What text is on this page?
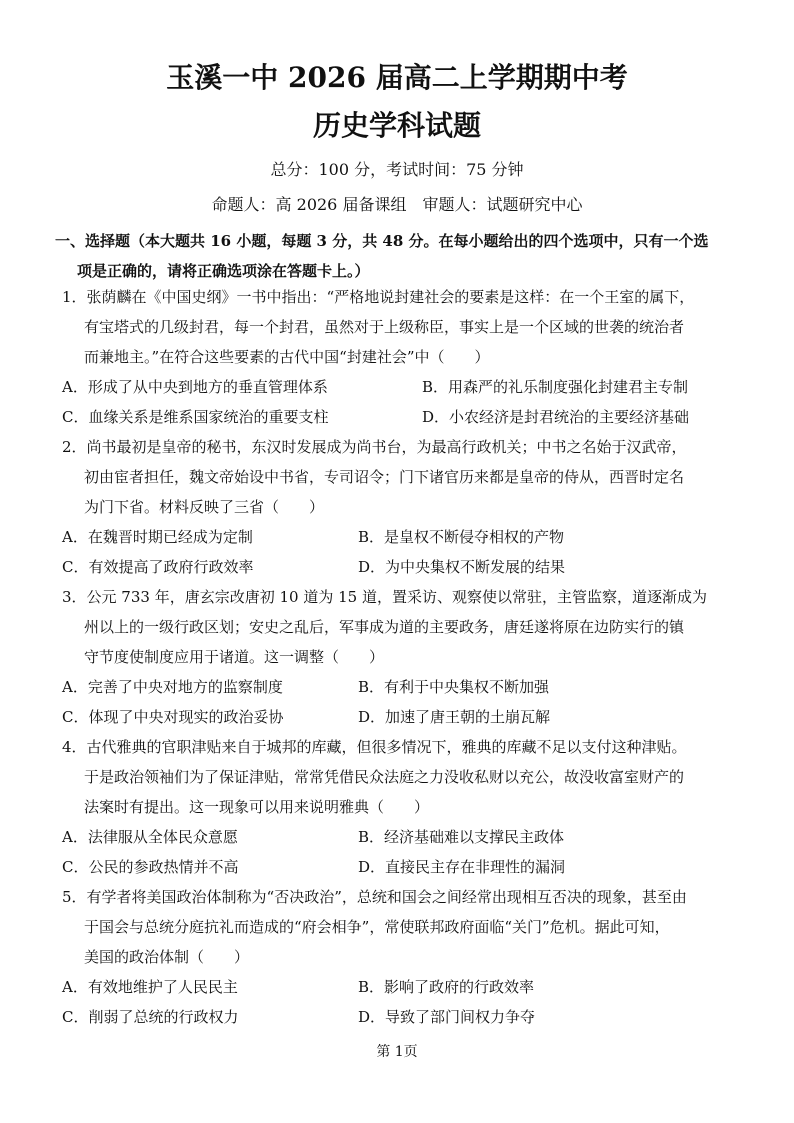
玉溪一中 2026 届高二上学期期中考
历史学科试题
总分：100 分，考试时间：75 分钟
命题人：高 2026 届备课组　审题人：试题研究中心
一、选择题（本大题共 16 小题，每题 3 分，共 48 分。在每小题给出的四个选项中，只有一个选
项是正确的，请将正确选项涂在答题卡上。）
1．张荫麟在《中国史纲》一书中指出：“严格地说封建社会的要素是这样：在一个王室的属下，
有宝塔式的几级封君，每一个封君，虽然对于上级称臣，事实上是一个区域的世袭的统治者
而兼地主。”在符合这些要素的古代中国“封建社会”中（　　）
A．形成了从中央到地方的垂直管理体系	B．用森严的礼乐制度强化封建君主专制
C．血缘关系是维系国家统治的重要支柱	D．小农经济是封君统治的主要经济基础
2．尚书最初是皇帝的秘书，东汉时发展成为尚书台，为最高行政机关；中书之名始于汉武帝，
初由宦者担任，魏文帝始设中书省，专司诏令；门下诸官历来都是皇帝的侍从，西晋时定名
为门下省。材料反映了三省（　　）
A．在魏晋时期已经成为定制	B．是皇权不断侵夺相权的产物
C．有效提高了政府行政效率	D．为中央集权不断发展的结果
3．公元 733 年，唐玄宗改唐初 10 道为 15 道，置采访、观察使以常驻，主管监察，道逐渐成为
州以上的一级行政区划；安史之乱后，军事成为道的主要政务，唐廷遂将原在边防实行的镇
守节度使制度应用于诸道。这一调整（　　）
A．完善了中央对地方的监察制度	B．有利于中央集权不断加强
C．体现了中央对现实的政治妥协	D．加速了唐王朝的土崩瓦解
4．古代雅典的官职津贴来自于城邦的库藏，但很多情况下，雅典的库藏不足以支付这种津贴。
于是政治领袖们为了保证津贴，常常凭借民众法庭之力没收私财以充公，故没收富室财产的
法案时有提出。这一现象可以用来说明雅典（　　）
A．法律服从全体民众意愿	B．经济基础难以支撑民主政体
C．公民的参政热情并不高	D．直接民主存在非理性的漏洞
5．有学者将美国政治体制称为“否决政治”，总统和国会之间经常出现相互否决的现象，甚至由
于国会与总统分庭抗礼而造成的“府会相争”，常使联邦政府面临“关门”危机。据此可知，
美国的政治体制（　　）
A．有效地维护了人民民主	B．影响了政府的行政效率
C．削弱了总统的行政权力	D．导致了部门间权力争夺
第 1页
